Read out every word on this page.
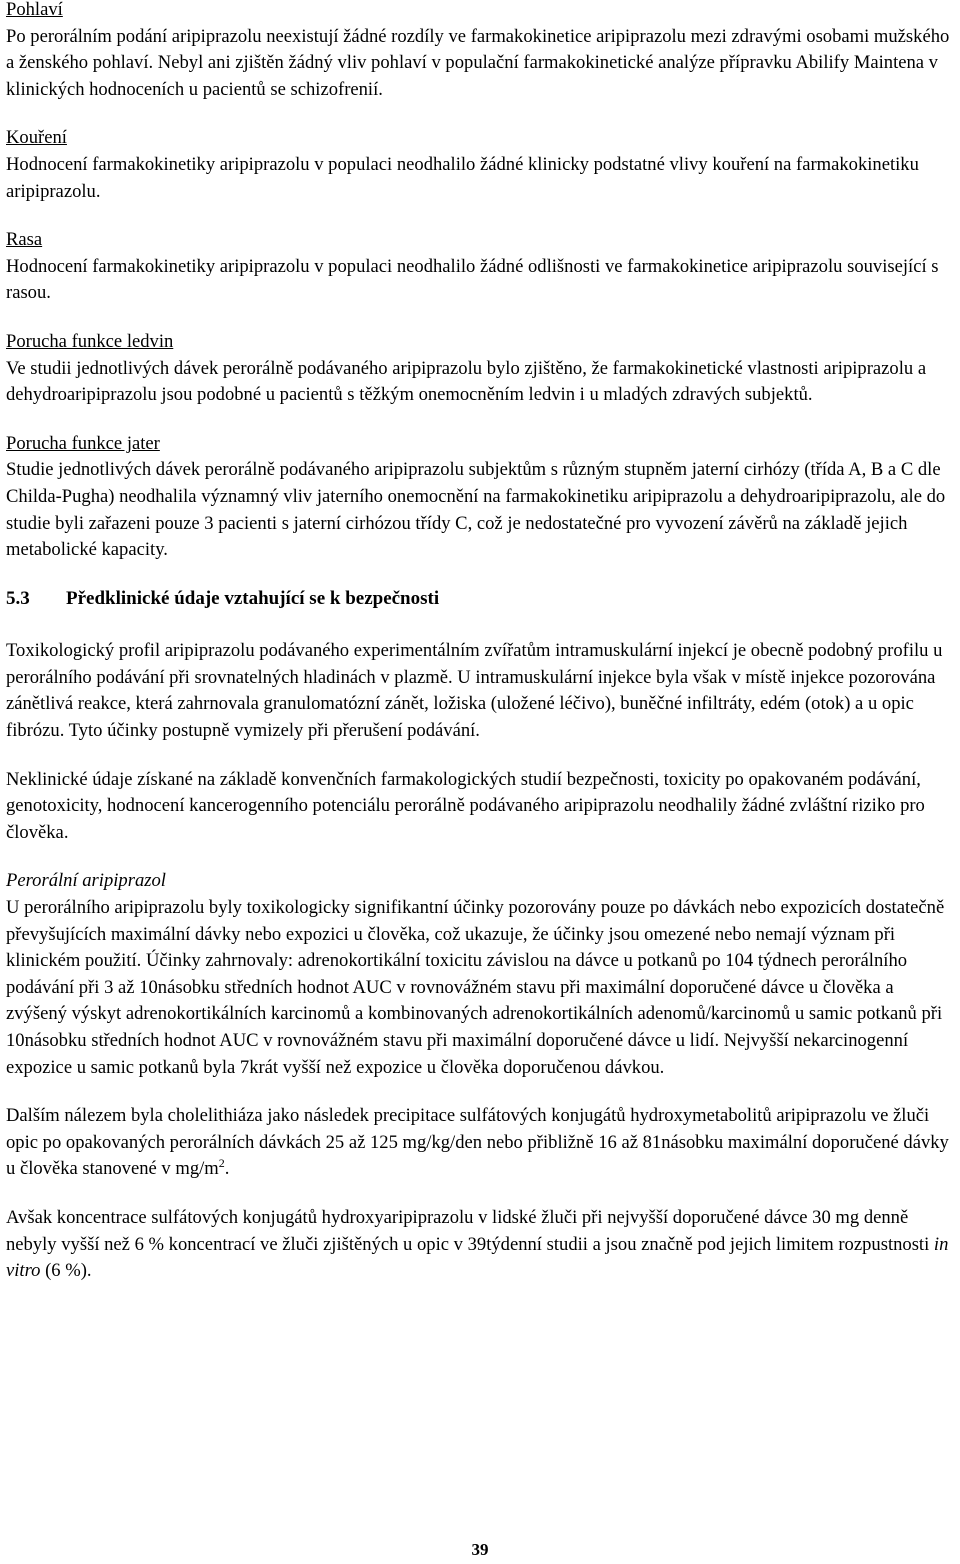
Pohlaví

Po perorálním podání aripiprazolu neexistují žádné rozdíly ve farmakokinetice aripiprazolu mezi zdravými osobami mužského a ženského pohlaví. Nebyl ani zjištěn žádný vliv pohlaví v populační farmakokinetické analýze přípravku Abilify Maintena v klinických hodnoceních u pacientů se schizofrenií.

Kouření

Hodnocení farmakokinetiky aripiprazolu v populaci neodhalilo žádné klinicky podstatné vlivy kouření na farmakokinetiku aripiprazolu.

Rasa

Hodnocení farmakokinetiky aripiprazolu v populaci neodhalilo žádné odlišnosti ve farmakokinetice aripiprazolu související s rasou.

Porucha funkce ledvin

Ve studii jednotlivých dávek perorálně podávaného aripiprazolu bylo zjištěno, že farmakokinetické vlastnosti aripiprazolu a dehydroaripiprazolu jsou podobné u pacientů s těžkým onemocněním ledvin i u mladých zdravých subjektů.

Porucha funkce jater

Studie jednotlivých dávek perorálně podávaného aripiprazolu subjektům s různým stupněm jaterní cirhózy (třída A, B a C dle Childa-Pugha) neodhalila významný vliv jaterního onemocnění na farmakokinetiku aripiprazolu a dehydroaripiprazolu, ale do studie byli zařazeni pouze 3 pacienti s jaterní cirhózou třídy C, což je nedostatečné pro vyvození závěrů na základě jejich metabolické kapacity.

5.3 Předklinické údaje vztahující se k bezpečnosti

Toxikologický profil aripiprazolu podávaného experimentálním zvířatům intramuskulární injekcí je obecně podobný profilu u perorálního podávání při srovnatelných hladinách v plazmě. U intramuskulární injekce byla však v místě injekce pozorována zánětlivá reakce, která zahrnovala granulomatózní zánět, ložiska (uložené léčivo), buněčné infiltráty, edém (otok) a u opic fibrózu. Tyto účinky postupně vymizely při přerušení podávání.

Neklinické údaje získané na základě konvenčních farmakologických studií bezpečnosti, toxicity po opakovaném podávání, genotoxicity, hodnocení kancerogenního potenciálu perorálně podávaného aripiprazolu neodhalily žádné zvláštní riziko pro člověka.

Perorální aripiprazol

U perorálního aripiprazolu byly toxikologicky signifikantní účinky pozorovány pouze po dávkách nebo expozicích dostatečně převyšujících maximální dávky nebo expozici u člověka, což ukazuje, že účinky jsou omezené nebo nemají význam při klinickém použití. Účinky zahrnovaly: adrenokortikální toxicitu závislou na dávce u potkanů po 104 týdnech perorálního podávání při 3 až 10násobku středních hodnot AUC v rovnovážném stavu při maximální doporučené dávce u člověka a zvýšený výskyt adrenokortikálních karcinomů a kombinovaných adrenokortikálních adenomů/karcinomů u samic potkanů při 10násobku středních hodnot AUC v rovnovážném stavu při maximální doporučené dávce u lidí. Nejvyšší nekarcinogenní expozice u samic potkanů byla 7krát vyšší než expozice u člověka doporučenou dávkou.

Dalším nálezem byla cholelithiáza jako následek precipitace sulfátových konjugátů hydroxymetabolitů aripiprazolu ve žluči opic po opakovaných perorálních dávkách 25 až 125 mg/kg/den nebo přibližně 16 až 81násobku maximální doporučené dávky u člověka stanovené v $mg/m^2$.

Avšak koncentrace sulfátových konjugátů hydroxyaripiprazolu v lidské žluči při nejvyšší doporučené dávce 30 mg denně nebyly vyšší než 6 % koncentrací ve žluči zjištěných u opic v 39týdenní studii a jsou značně pod jejich limitem rozpustnosti in vitro (6 %).

39
